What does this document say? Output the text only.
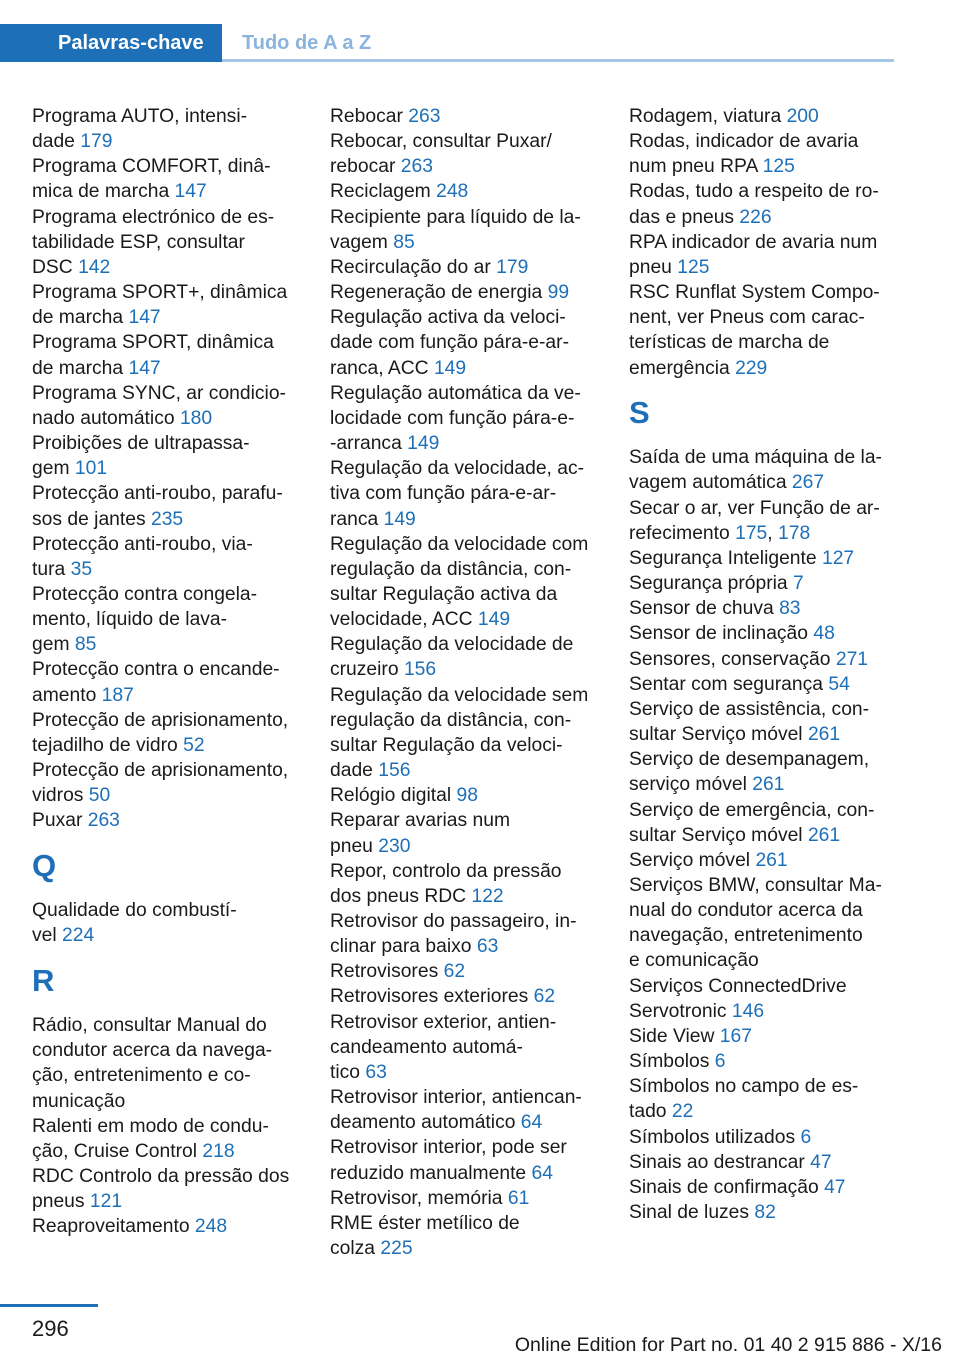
Palavras-chave	Tudo de A a Z
Programa AUTO, intensi-
dade 179
Programa COMFORT, dinâ-
mica de marcha 147
Programa electrónico de es-
tabilidade ESP, consultar
DSC 142
Programa SPORT+, dinâmica
de marcha 147
Programa SPORT, dinâmica
de marcha 147
Programa SYNC, ar condicio-
nado automático 180
Proibições de ultrapassa-
gem 101
Protecção anti-roubo, parafu-
sos de jantes 235
Protecção anti-roubo, via-
tura 35
Protecção contra congela-
mento, líquido de lava-
gem 85
Protecção contra o encande-
amento 187
Protecção de aprisionamento,
tejadilho de vidro 52
Protecção de aprisionamento,
vidros 50
Puxar 263
Q
Qualidade do combustí-
vel 224
R
Rádio, consultar Manual do
condutor acerca da navega-
ção, entretenimento e co-
municação
Ralenti em modo de condu-
ção, Cruise Control 218
RDC Controlo da pressão dos
pneus 121
Reaproveitamento 248
Rebocar 263
Rebocar, consultar Puxar/
rebocar 263
Reciclagem 248
Recipiente para líquido de la-
vagem 85
Recirculação do ar 179
Regeneração de energia 99
Regulação activa da veloci-
dade com função pára-e-ar-
ranca, ACC 149
Regulação automática da ve-
locidade com função pára-e-
-arranca 149
Regulação da velocidade, ac-
tiva com função pára-e-ar-
ranca 149
Regulação da velocidade com
regulação da distância, con-
sultar Regulação activa da
velocidade, ACC 149
Regulação da velocidade de
cruzeiro 156
Regulação da velocidade sem
regulação da distância, con-
sultar Regulação da veloci-
dade 156
Relógio digital 98
Reparar avarias num
pneu 230
Repor, controlo da pressão
dos pneus RDC 122
Retrovisor do passageiro, in-
clinar para baixo 63
Retrovisores 62
Retrovisores exteriores 62
Retrovisor exterior, antien-
candeamento automá-
tico 63
Retrovisor interior, antiencan-
deamento automático 64
Retrovisor interior, pode ser
reduzido manualmente 64
Retrovisor, memória 61
RME éster metílico de
colza 225
Rodagem, viatura 200
Rodas, indicador de avaria
num pneu RPA 125
Rodas, tudo a respeito de ro-
das e pneus 226
RPA indicador de avaria num
pneu 125
RSC Runflat System Compo-
nent, ver Pneus com carac-
terísticas de marcha de
emergência 229
S
Saída de uma máquina de la-
vagem automática 267
Secar o ar, ver Função de ar-
refecimento 175, 178
Segurança Inteligente 127
Segurança própria 7
Sensor de chuva 83
Sensor de inclinação 48
Sensores, conservação 271
Sentar com segurança 54
Serviço de assistência, con-
sultar Serviço móvel 261
Serviço de desempanagem,
serviço móvel 261
Serviço de emergência, con-
sultar Serviço móvel 261
Serviço móvel 261
Serviços BMW, consultar Ma-
nual do condutor acerca da
navegação, entretenimento
e comunicação
Serviços ConnectedDrive
Servotronic 146
Side View 167
Símbolos 6
Símbolos no campo de es-
tado 22
Símbolos utilizados 6
Sinais ao destrancar 47
Sinais de confirmação 47
Sinal de luzes 82
296
Online Edition for Part no. 01 40 2 915 886 - X/16
